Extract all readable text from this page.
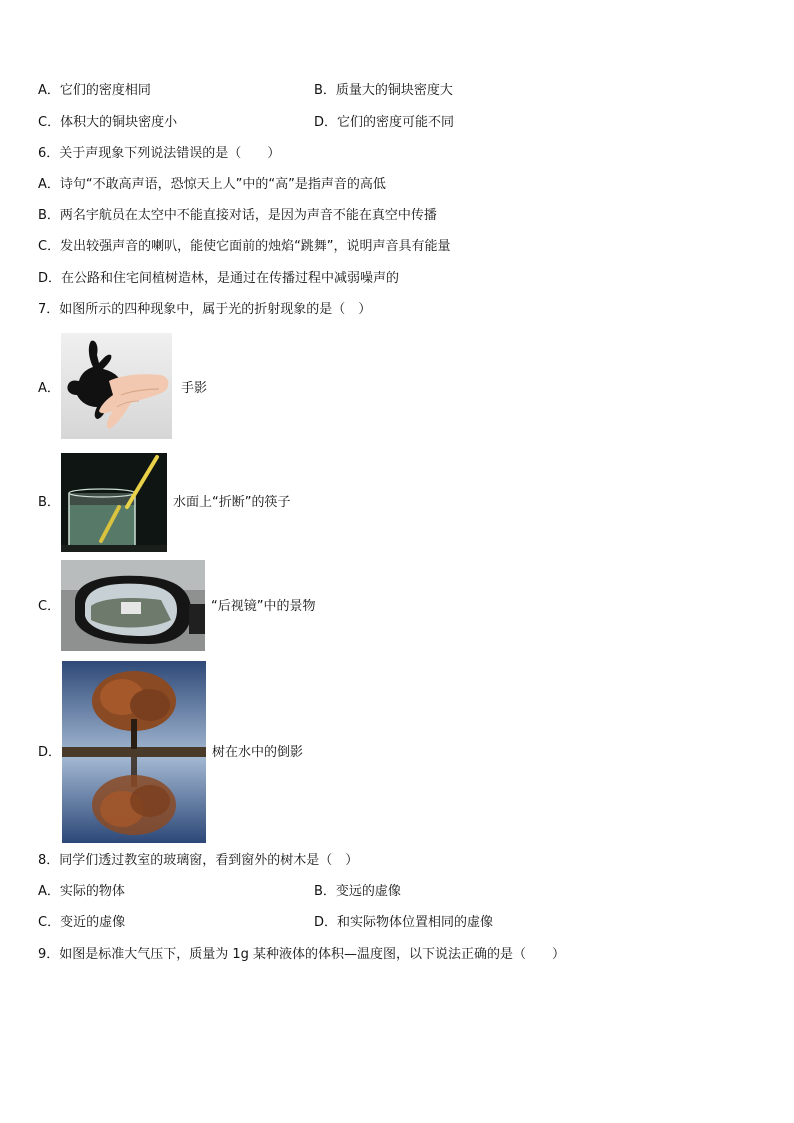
A．它们的密度相同	B．质量大的铜块密度大
C．体积大的铜块密度小	D．它们的密度可能不同
6．关于声现象下列说法错误的是（　　）
A．诗句“不敢高声语，恐惊天上人”中的“高”是指声音的高低
B．两名宇航员在太空中不能直接对话，是因为声音不能在真空中传播
C．发出较强声音的喇叭，能使它面前的烛焰“跳舞”，说明声音具有能量
D．在公路和住宅间植树造林，是通过在传播过程中减弱噪声的
7．如图所示的四种现象中，属于光的折射现象的是（　）
A．	手影
B．	水面上“折断”的筷子
C．	“后视镜”中的景物
D．	树在水中的倒影
8．同学们透过教室的玻璃窗，看到窗外的树木是（　）
A．实际的物体	B．变远的虚像
C．变近的虚像	D．和实际物体位置相同的虚像
9．如图是标准大气压下，质量为 1g 某种液体的体积—温度图，以下说法正确的是（　　）
